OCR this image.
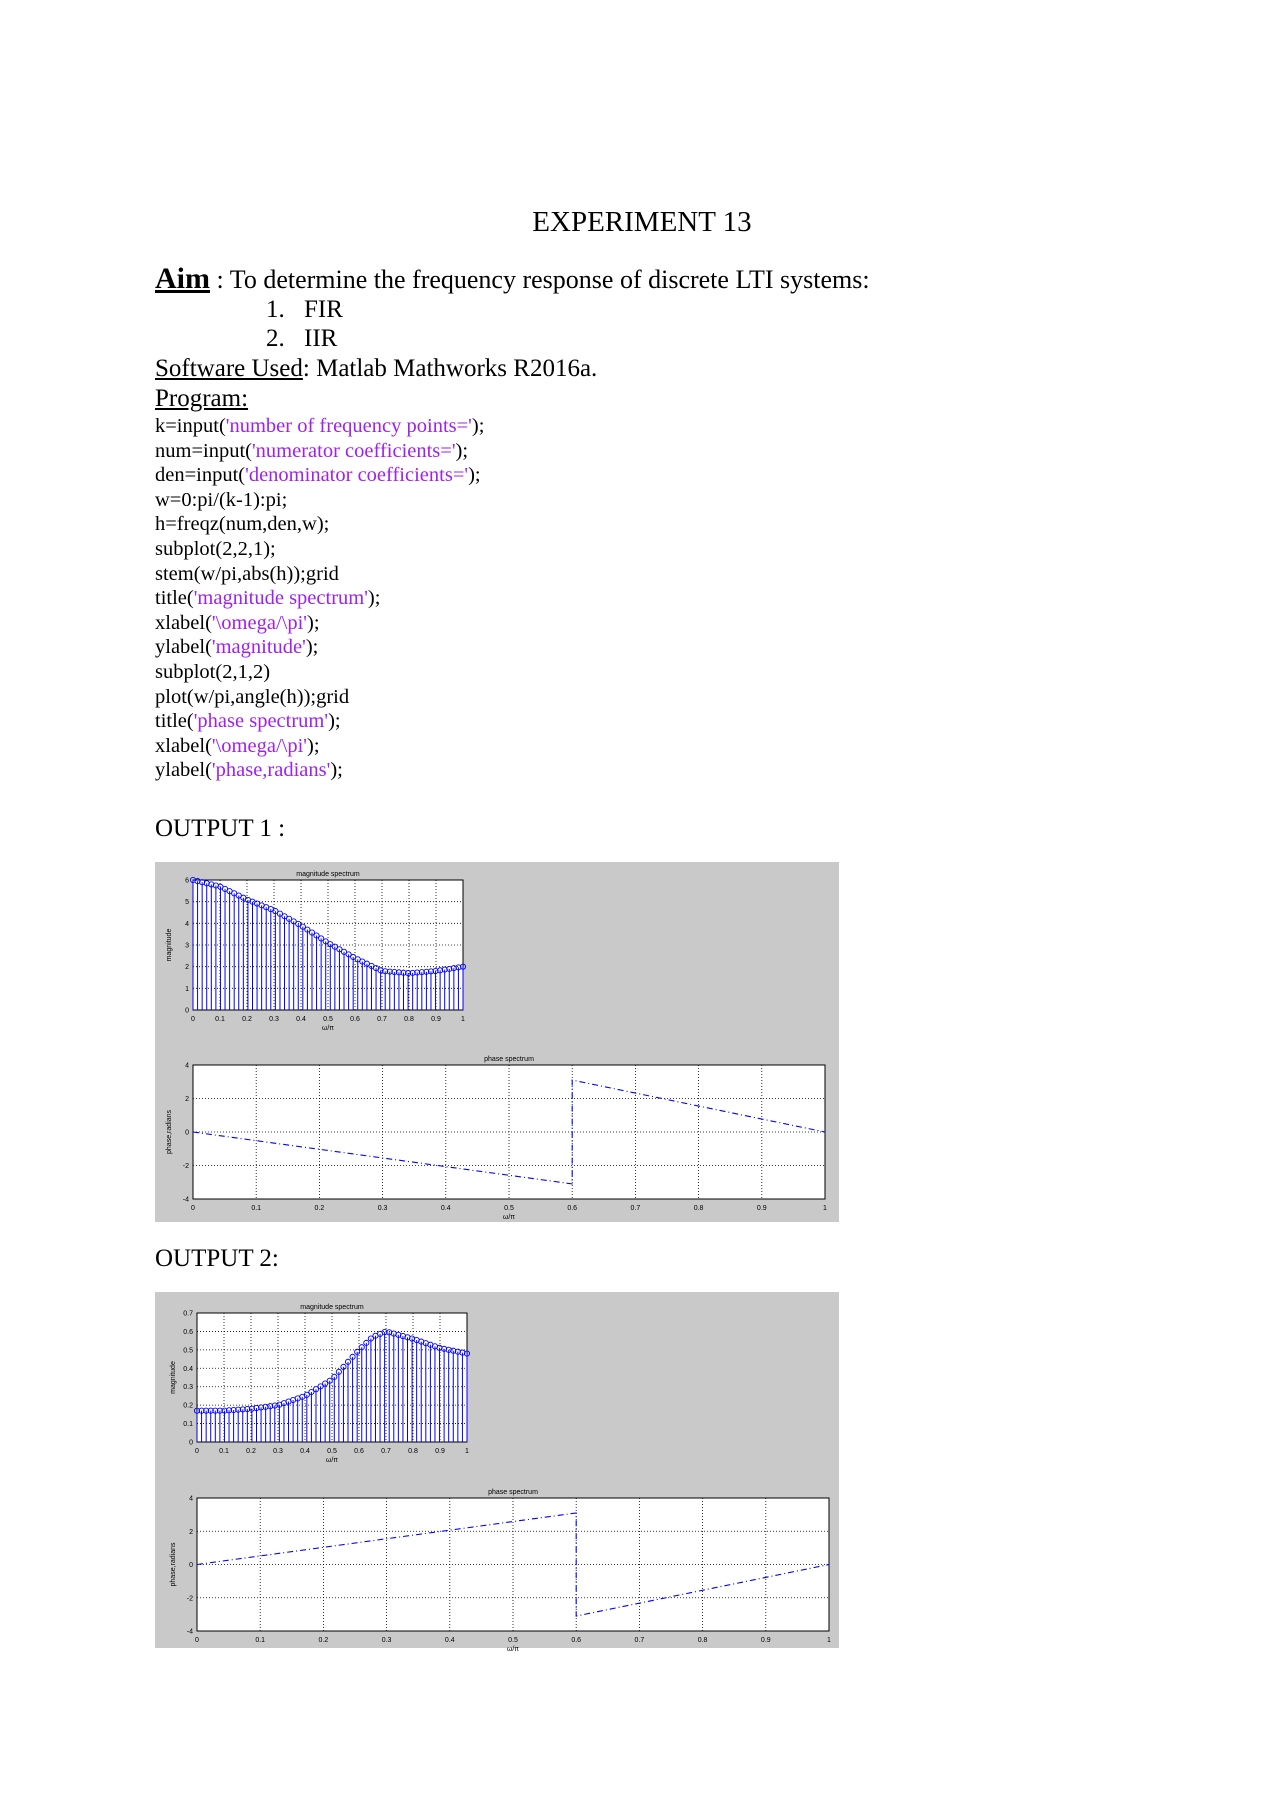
EXPERIMENT 13
Aim : To determine the frequency response of discrete LTI systems:
1. FIR
2. IIR
Software Used: Matlab Mathworks R2016a.
Program:
k=input('number of frequency points=');
num=input('numerator coefficients=');
den=input('denominator coefficients=');
w=0:pi/(k-1):pi;
h=freqz(num,den,w);
subplot(2,2,1);
stem(w/pi,abs(h));grid
title('magnitude spectrum');
xlabel('\omega/\pi');
ylabel('magnitude');
subplot(2,1,2)
plot(w/pi,angle(h));grid
title('phase spectrum');
xlabel('\omega/\pi');
ylabel('phase,radians');
OUTPUT 1 :
0	0.1 0.2 0.3 0.4 0.5 0.6 0.7 0.8 0.9	1
0
1
2
3
4
5
6
magnitude spectrum
ω/π
magnitude
0	0.1	0.2	0.3	0.4	0.5	0.6	0.7	0.8	0.9	1
-4
-2
0
2
4
phase spectrum
ω/π
phase,radians
OUTPUT 2:
0	0.1 0.2 0.3 0.4 0.5 0.6 0.7 0.8 0.9	1
0
0.1
0.2
0.3
0.4
0.5
0.6
0.7
magnitude spectrum
ω/π
magnitude
0	0.1	0.2	0.3	0.4	0.5	0.6	0.7	0.8	0.9	1
-4
-2
0
2
4
phase spectrum
ω/π
phase,radians
